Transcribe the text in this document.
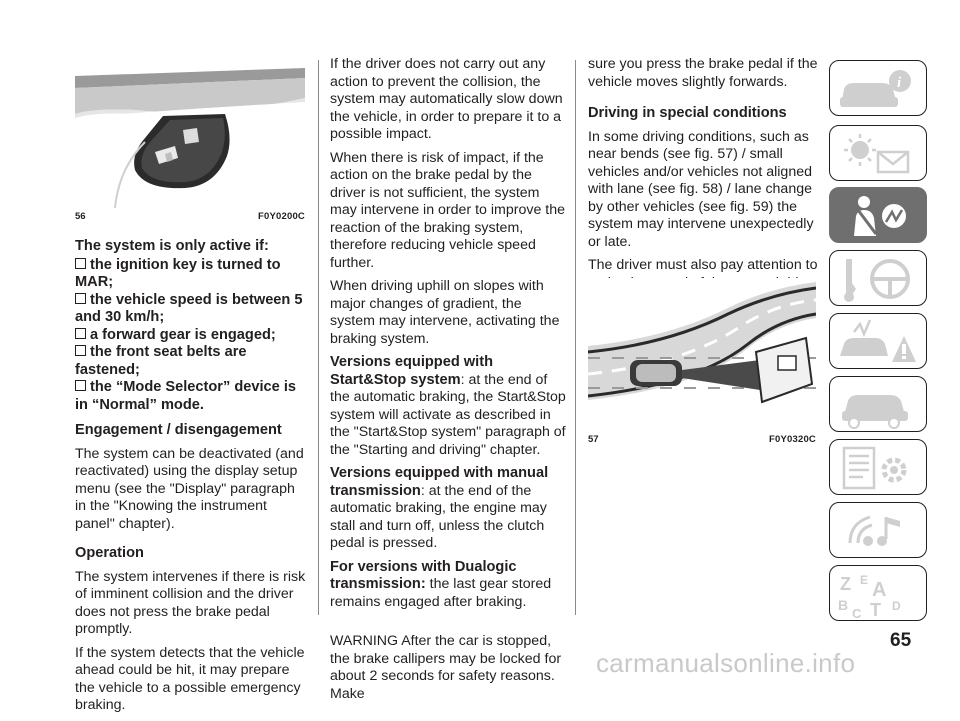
56	F0Y0200C

The system is only active if:

the ignition key is turned to MAR;
the vehicle speed is between 5 and 30 km/h;
a forward gear is engaged;
the front seat belts are fastened;
the “Mode Selector” device is in “Normal” mode.

Engagement / disengagement

The system can be deactivated (and reactivated) using the display setup menu (see the "Display" paragraph in the "Knowing the instrument panel" chapter).

Operation

The system intervenes if there is risk of imminent collision and the driver does not press the brake pedal promptly.

If the system detects that the vehicle ahead could be hit, it may prepare the vehicle to a possible emergency braking.

If the driver does not carry out any action to prevent the collision, the system may automatically slow down the vehicle, in order to prepare it to a possible impact.

When there is risk of impact, if the action on the brake pedal by the driver is not sufficient, the system may intervene in order to improve the reaction of the braking system, therefore reducing vehicle speed further.

When driving uphill on slopes with major changes of gradient, the system may intervene, activating the braking system.

Versions equipped with Start&Stop system: at the end of the automatic braking, the Start&Stop system will activate as described in the "Start&Stop system" paragraph of the "Starting and driving" chapter.

Versions equipped with manual transmission: at the end of the automatic braking, the engine may stall and turn off, unless the clutch pedal is pressed.

For versions with Dualogic transmission: the last gear stored remains engaged after braking.

WARNING After the car is stopped, the brake callipers may be locked for about 2 seconds for safety reasons. Make

sure you press the brake pedal if the vehicle moves slightly forwards.

Driving in special conditions

In some driving conditions, such as near bends (see fig. 57) / small vehicles and/or vehicles not aligned with lane (see fig. 58) / lane change by other vehicles (see fig. 59) the system may intervene unexpectedly or late.

The driver must also pay attention to

57	F0Y0320C
i
Z E A
B
C T D
65
carmanualsonline.info
